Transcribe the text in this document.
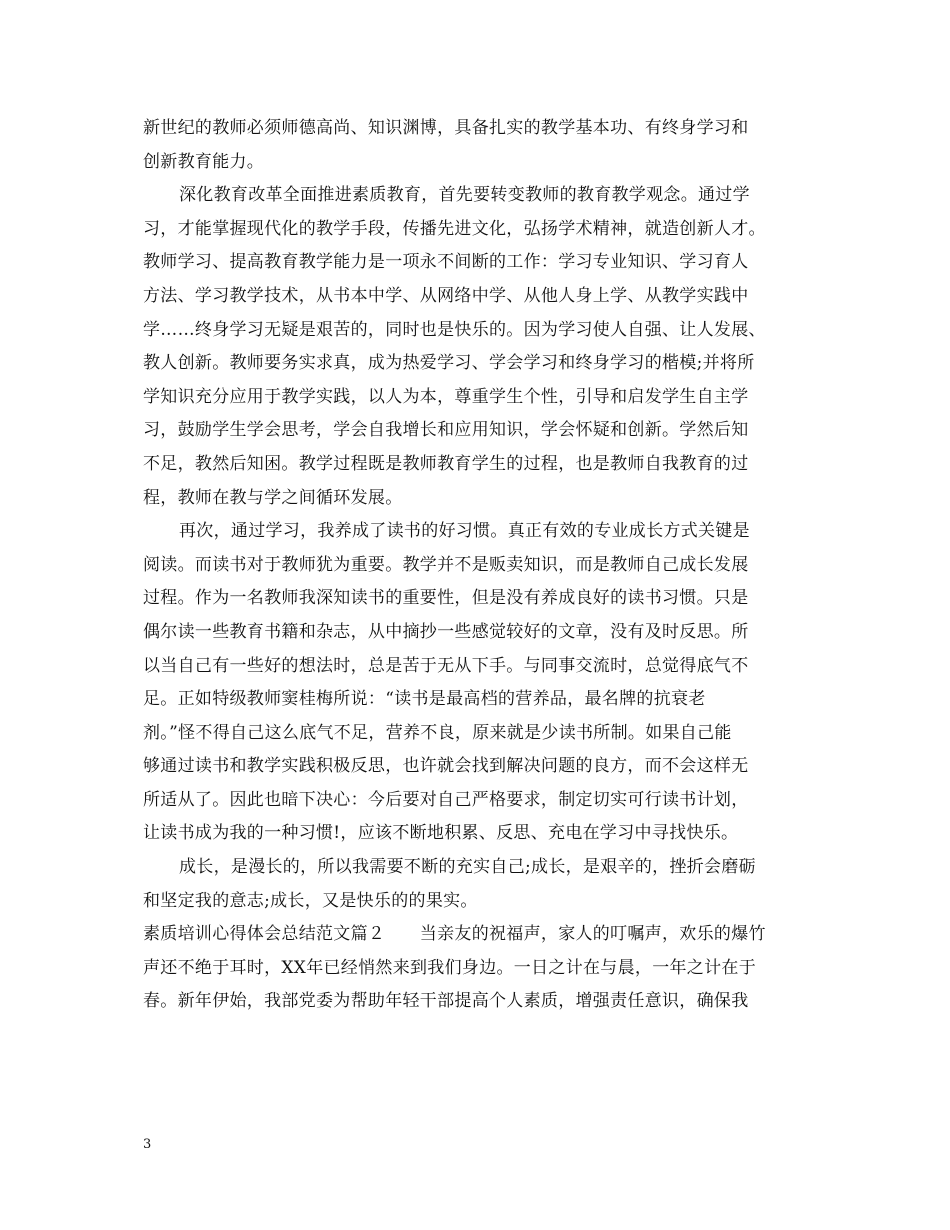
新世纪的教师必须师德高尚、知识渊博，具备扎实的教学基本功、有终身学习和
创新教育能力。
深化教育改革全面推进素质教育，首先要转变教师的教育教学观念。通过学
习，才能掌握现代化的教学手段，传播先进文化，弘扬学术精神，就造创新人才。
教师学习、提高教育教学能力是一项永不间断的工作：学习专业知识、学习育人
方法、学习教学技术，从书本中学、从网络中学、从他人身上学、从教学实践中
学……终身学习无疑是艰苦的，同时也是快乐的。因为学习使人自强、让人发展、
教人创新。教师要务实求真，成为热爱学习、学会学习和终身学习的楷模;并将所
学知识充分应用于教学实践，以人为本，尊重学生个性，引导和启发学生自主学
习，鼓励学生学会思考，学会自我增长和应用知识，学会怀疑和创新。学然后知
不足，教然后知困。教学过程既是教师教育学生的过程，也是教师自我教育的过
程，教师在教与学之间循环发展。
再次，通过学习，我养成了读书的好习惯。真正有效的专业成长方式关键是
阅读。而读书对于教师犹为重要。教学并不是贩卖知识，而是教师自己成长发展
过程。作为一名教师我深知读书的重要性，但是没有养成良好的读书习惯。只是
偶尔读一些教育书籍和杂志，从中摘抄一些感觉较好的文章，没有及时反思。所
以当自己有一些好的想法时，总是苦于无从下手。与同事交流时，总觉得底气不
足。正如特级教师窦桂梅所说：“读书是最高档的营养品，最名牌的抗衰老
剂。”怪不得自己这么底气不足，营养不良，原来就是少读书所制。如果自己能
够通过读书和教学实践积极反思，也许就会找到解决问题的良方，而不会这样无
所适从了。因此也暗下决心：今后要对自己严格要求，制定切实可行读书计划，
让读书成为我的一种习惯!，应该不断地积累、反思、充电在学习中寻找快乐。
成长，是漫长的，所以我需要不断的充实自己;成长，是艰辛的，挫折会磨砺
和坚定我的意志;成长，又是快乐的的果实。
素质培训心得体会总结范文篇２　　当亲友的祝福声，家人的叮嘱声，欢乐的爆竹
声还不绝于耳时，XX年已经悄然来到我们身边。一日之计在与晨，一年之计在于
春。新年伊始，我部党委为帮助年轻干部提高个人素质，增强责任意识，确保我
3
